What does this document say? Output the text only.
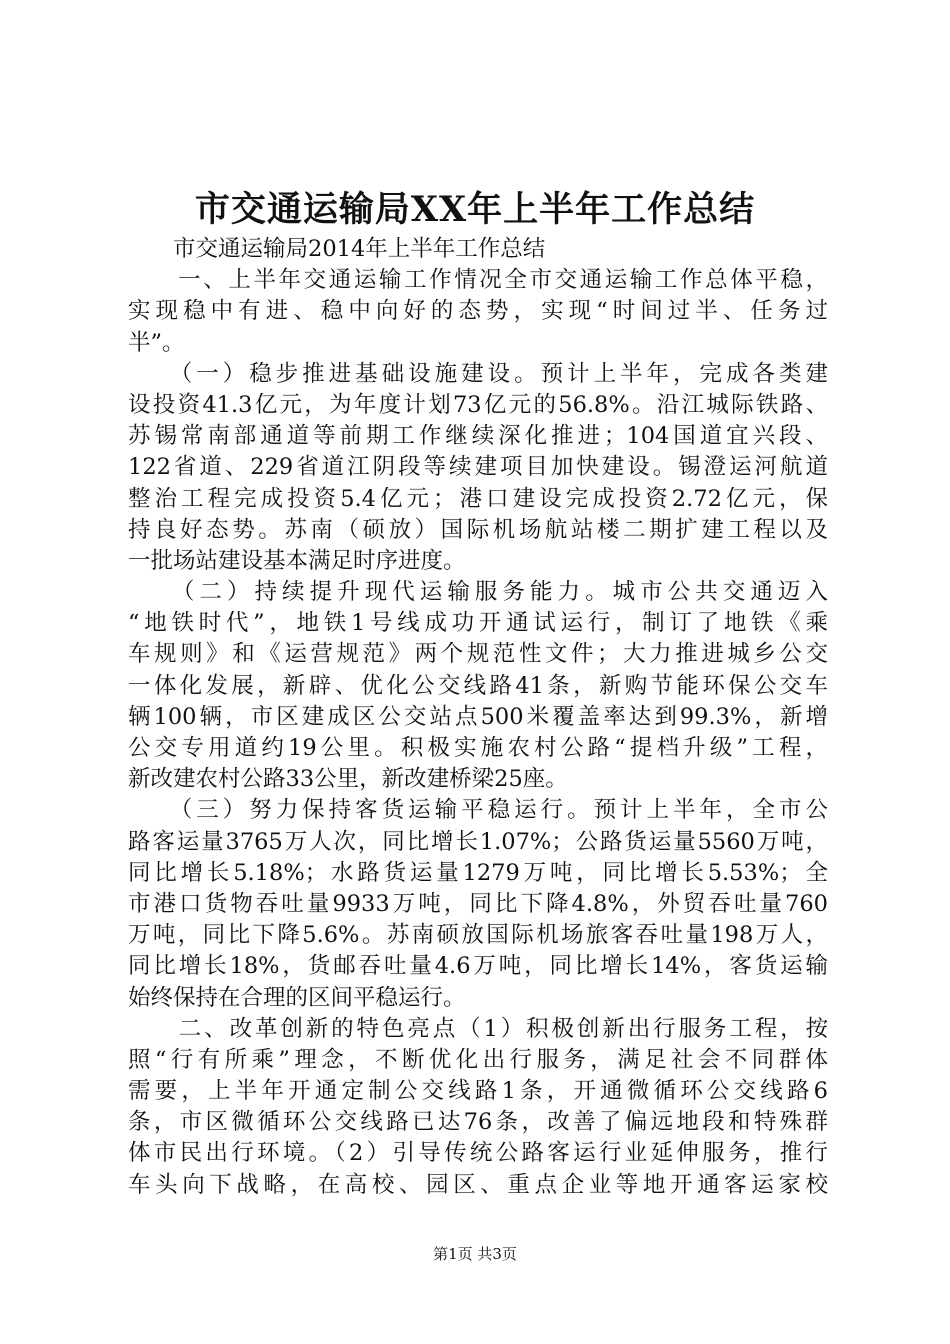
市交通运输局XX年上半年工作总结
　　市交通运输局2014年上半年工作总结
　　一、上半年交通运输工作情况全市交通运输工作总体平稳，
实现稳中有进、稳中向好的态势，实现“时间过半、任务过
半”。
　　（一）稳步推进基础设施建设。预计上半年，完成各类建
设投资41.3亿元，为年度计划73亿元的56.8%。沿江城际铁路、
苏锡常南部通道等前期工作继续深化推进；104国道宜兴段、
122省道、229省道江阴段等续建项目加快建设。锡澄运河航道
整治工程完成投资5.4亿元；港口建设完成投资2.72亿元，保
持良好态势。苏南（硕放）国际机场航站楼二期扩建工程以及
一批场站建设基本满足时序进度。
　　（二）持续提升现代运输服务能力。城市公共交通迈入
“地铁时代”，地铁1号线成功开通试运行，制订了地铁《乘
车规则》和《运营规范》两个规范性文件；大力推进城乡公交
一体化发展，新辟、优化公交线路41条，新购节能环保公交车
辆100辆，市区建成区公交站点500米覆盖率达到99.3%，新增
公交专用道约19公里。积极实施农村公路“提档升级”工程，
新改建农村公路33公里，新改建桥梁25座。
　　（三）努力保持客货运输平稳运行。预计上半年，全市公
路客运量3765万人次，同比增长1.07%；公路货运量5560万吨，
同比增长5.18%；水路货运量1279万吨，同比增长5.53%；全
市港口货物吞吐量9933万吨，同比下降4.8%，外贸吞吐量760
万吨，同比下降5.6%。苏南硕放国际机场旅客吞吐量198万人，
同比增长18%，货邮吞吐量4.6万吨，同比增长14%，客货运输
始终保持在合理的区间平稳运行。
　　二、改革创新的特色亮点（1）积极创新出行服务工程，按
照“行有所乘”理念，不断优化出行服务，满足社会不同群体
需要，上半年开通定制公交线路1条，开通微循环公交线路6
条，市区微循环公交线路已达76条，改善了偏远地段和特殊群
体市民出行环境。（2）引导传统公路客运行业延伸服务，推行
车头向下战略，在高校、园区、重点企业等地开通客运家校
第1页 共3页
